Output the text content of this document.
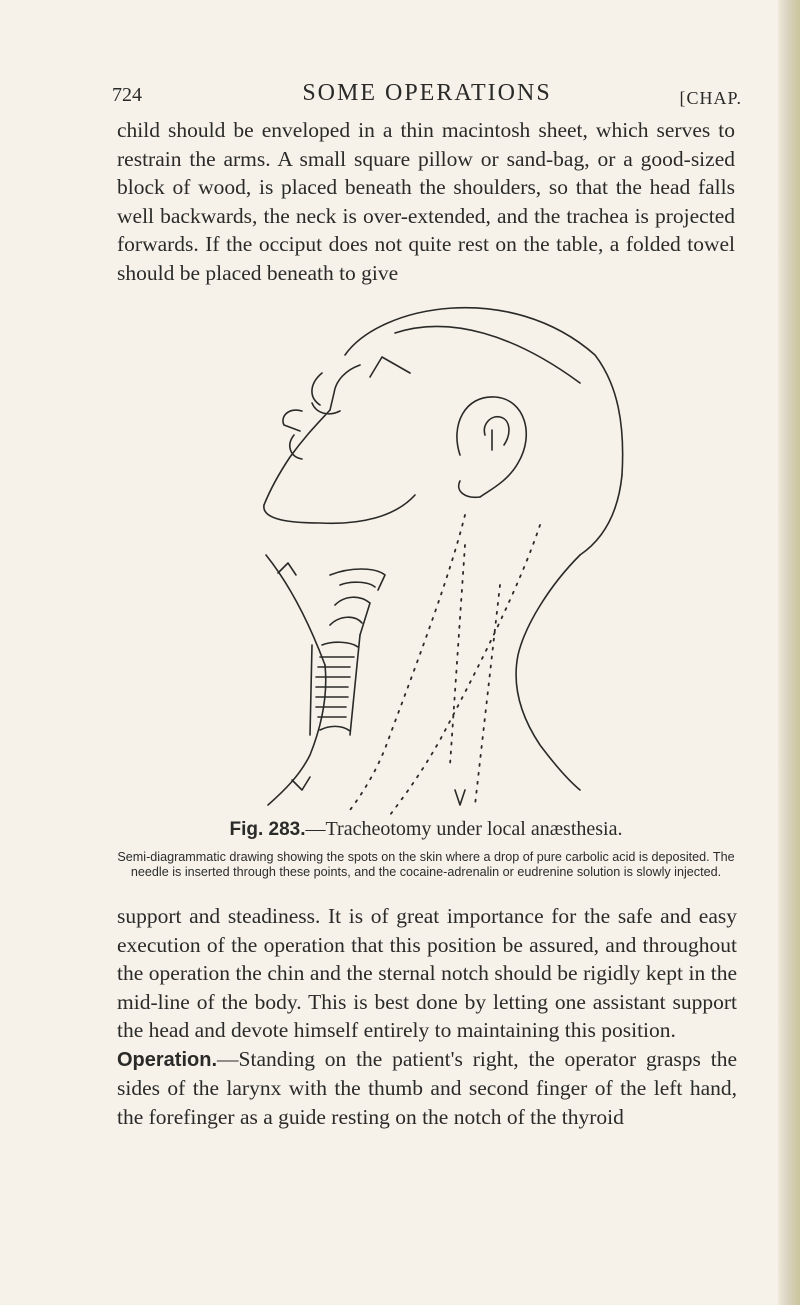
724	SOME OPERATIONS	[CHAP.

child should be enveloped in a thin macintosh sheet, which serves to restrain the arms. A small square pillow or sand-bag, or a good-sized block of wood, is placed beneath the shoulders, so that the head falls well backwards, the neck is over-extended, and the trachea is projected forwards. If the occiput does not quite rest on the table, a folded towel should be placed beneath to give

Fig. 283.—Tracheotomy under local anæsthesia.

Semi-diagrammatic drawing showing the spots on the skin where a drop of pure carbolic acid is deposited. The needle is inserted through these points, and the cocaine-adrenalin or eudrenine solution is slowly injected.

support and steadiness. It is of great importance for the safe and easy execution of the operation that this position be assured, and throughout the operation the chin and the sternal notch should be rigidly kept in the mid-line of the body. This is best done by letting one assistant support the head and devote himself entirely to maintaining this position.
Operation.—Standing on the patient's right, the operator grasps the sides of the larynx with the thumb and second finger of the left hand, the forefinger as a guide resting on the notch of the thyroid
